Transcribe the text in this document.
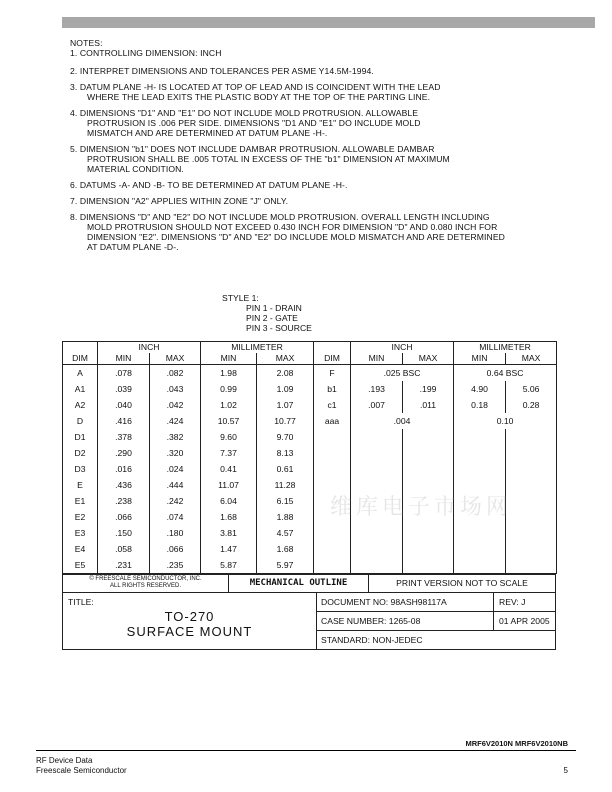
NOTES:
1. CONTROLLING DIMENSION: INCH
2. INTERPRET DIMENSIONS AND TOLERANCES PER ASME Y14.5M-1994.
3. DATUM PLANE -H- IS LOCATED AT TOP OF LEAD AND IS COINCIDENT WITH THE LEAD
WHERE THE LEAD EXITS THE PLASTIC BODY AT THE TOP OF THE PARTING LINE.
4. DIMENSIONS "D1" AND "E1" DO NOT INCLUDE MOLD PROTRUSION. ALLOWABLE
PROTRUSION IS .006 PER SIDE. DIMENSIONS "D1 AND "E1" DO INCLUDE MOLD
MISMATCH AND ARE DETERMINED AT DATUM PLANE -H-.
5. DIMENSION "b1" DOES NOT INCLUDE DAMBAR PROTRUSION. ALLOWABLE DAMBAR
PROTRUSION SHALL BE .005 TOTAL IN EXCESS OF THE "b1" DIMENSION AT MAXIMUM
MATERIAL CONDITION.
6. DATUMS -A- AND -B- TO BE DETERMINED AT DATUM PLANE -H-.
7. DIMENSION "A2" APPLIES WITHIN ZONE "J" ONLY.
8. DIMENSIONS "D" AND "E2" DO NOT INCLUDE MOLD PROTRUSION. OVERALL LENGTH INCLUDING
MOLD PROTRUSION SHOULD NOT EXCEED 0.430 INCH FOR DIMENSION "D" AND 0.080 INCH FOR
DIMENSION "E2". DIMENSIONS "D" AND "E2" DO INCLUDE MOLD MISMATCH AND ARE DETERMINED
AT DATUM PLANE -D-.
STYLE 1:
PIN 1 - DRAIN
PIN 2 - GATE
PIN 3 - SOURCE
	INCH		MILLIMETER			INCH		MILLIMETER	
DIM	MIN	MAX	MIN	MAX	DIM	MIN	MAX	MIN	MAX
A	.078	.082	1.98	2.08	F	.025 BSC		0.64 BSC	
A1	.039	.043	0.99	1.09	b1	.193	.199	4.90	5.06
A2	.040	.042	1.02	1.07	c1	.007	.011	0.18	0.28
D	.416	.424	10.57	10.77	aaa	.004		0.10	
D1	.378	.382	9.60	9.70					
D2	.290	.320	7.37	8.13					
D3	.016	.024	0.41	0.61					
E	.436	.444	11.07	11.28					
E1	.238	.242	6.04	6.15					
E2	.066	.074	1.68	1.88					
E3	.150	.180	3.81	4.57					
E4	.058	.066	1.47	1.68					
E5	.231	.235	5.87	5.97					
© FREESCALE SEMICONDUCTOR, INC.
ALL RIGHTS RESERVED.	MECHANICAL OUTLINE	PRINT VERSION NOT TO SCALE
TITLE:
TO-270
SURFACE MOUNT
DOCUMENT NO: 98ASH98117A	REV: J
CASE NUMBER: 1265-08	01 APR 2005
STANDARD: NON-JEDEC
维库电子市场网
MRF6V2010N MRF6V2010NB
RF Device Data
Freescale Semiconductor	5
